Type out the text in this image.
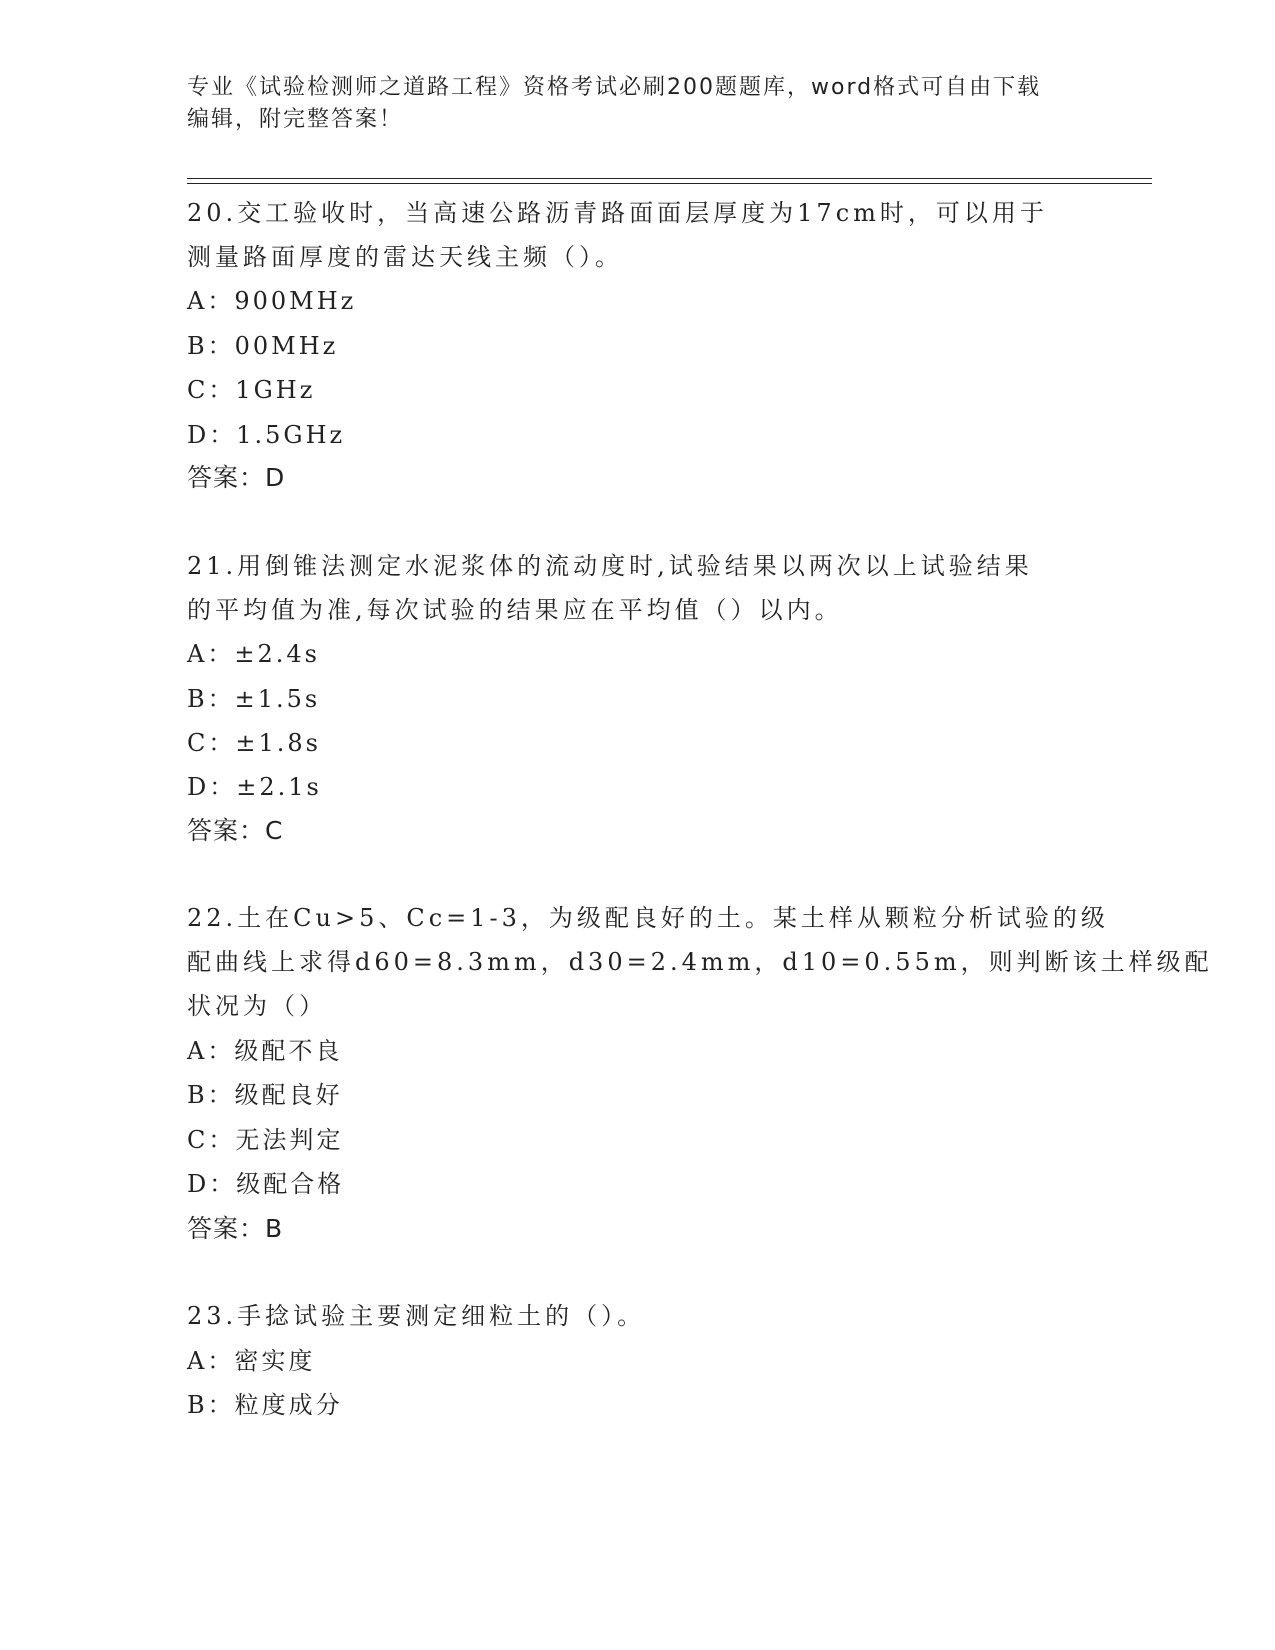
专业《试验检测师之道路工程》资格考试必刷200题题库，word格式可自由下载
编辑，附完整答案！
20.交工验收时，当高速公路沥青路面面层厚度为17cm时，可以用于
测量路面厚度的雷达天线主频（）。
A：900MHz
B：00MHz
C：1GHz
D：1.5GHz
答案：D
21.用倒锥法测定水泥浆体的流动度时,试验结果以两次以上试验结果
的平均值为准,每次试验的结果应在平均值（）以内。
A：±2.4s
B：±1.5s
C：±1.8s
D：±2.1s
答案：C
22.土在Cu>5、Cc=1-3，为级配良好的土。某土样从颗粒分析试验的级
配曲线上求得d60=8.3mm，d30=2.4mm，d10=0.55m，则判断该土样级配
状况为（）
A：级配不良
B：级配良好
C：无法判定
D：级配合格
答案：B
23.手捻试验主要测定细粒土的（）。
A：密实度
B：粒度成分
